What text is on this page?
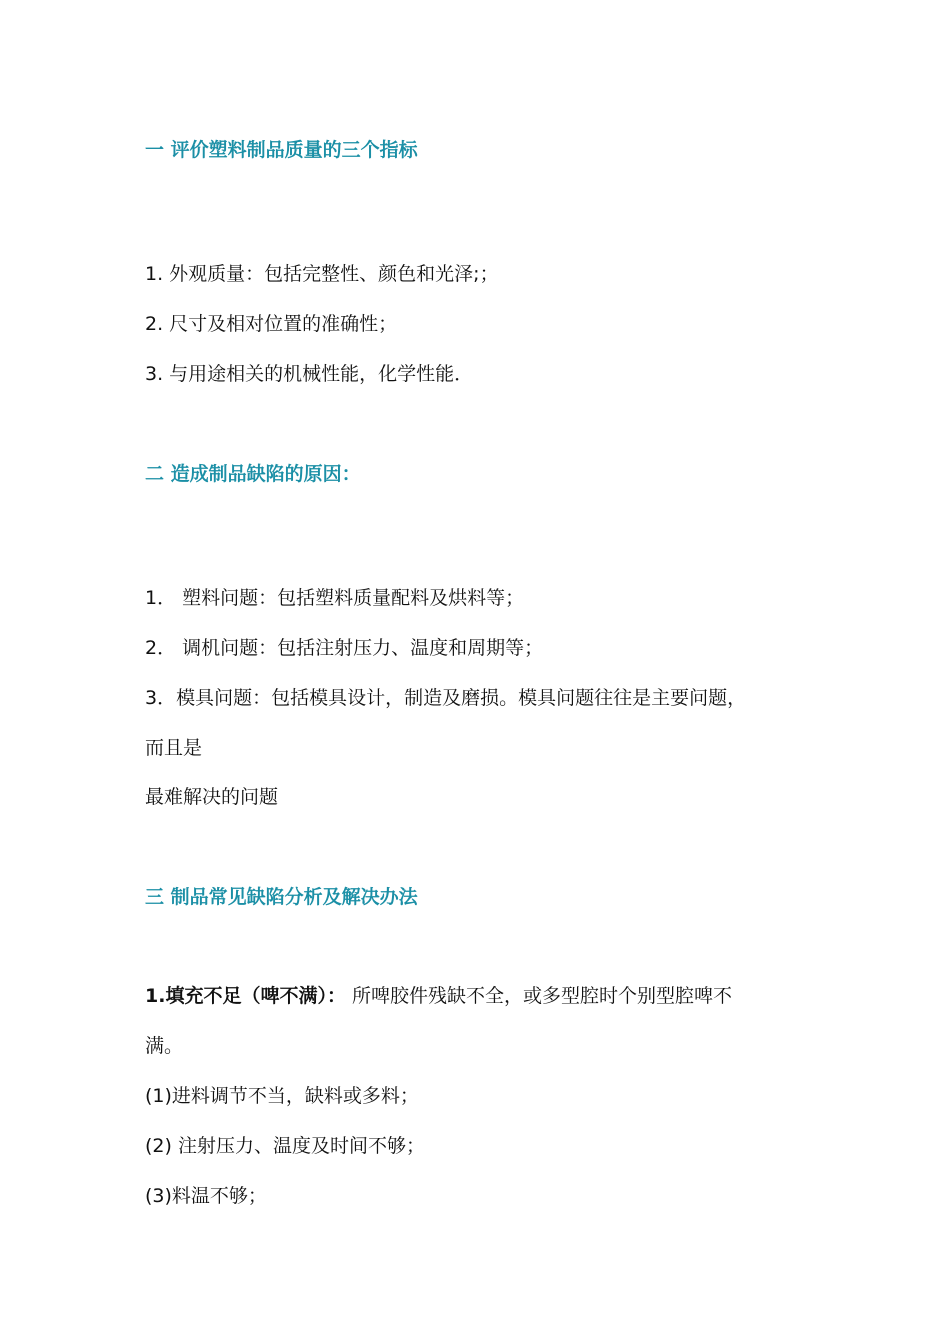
一 评价塑料制品质量的三个指标
1. 外观质量：包括完整性、颜色和光泽;；
2. 尺寸及相对位置的准确性；
3. 与用途相关的机械性能，化学性能．
二 造成制品缺陷的原因：
1． 塑料问题：包括塑料质量配料及烘料等；
2． 调机问题：包括注射压力、温度和周期等；
3．模具问题：包括模具设计，制造及磨损。模具问题往往是主要问题，
而且是
最难解决的问题
三 制品常见缺陷分析及解决办法
1.填充不足（啤不满）： 所啤胶件残缺不全，或多型腔时个别型腔啤不
满。
(1)进料调节不当，缺料或多料；
(2) 注射压力、温度及时间不够；
(3)料温不够；
